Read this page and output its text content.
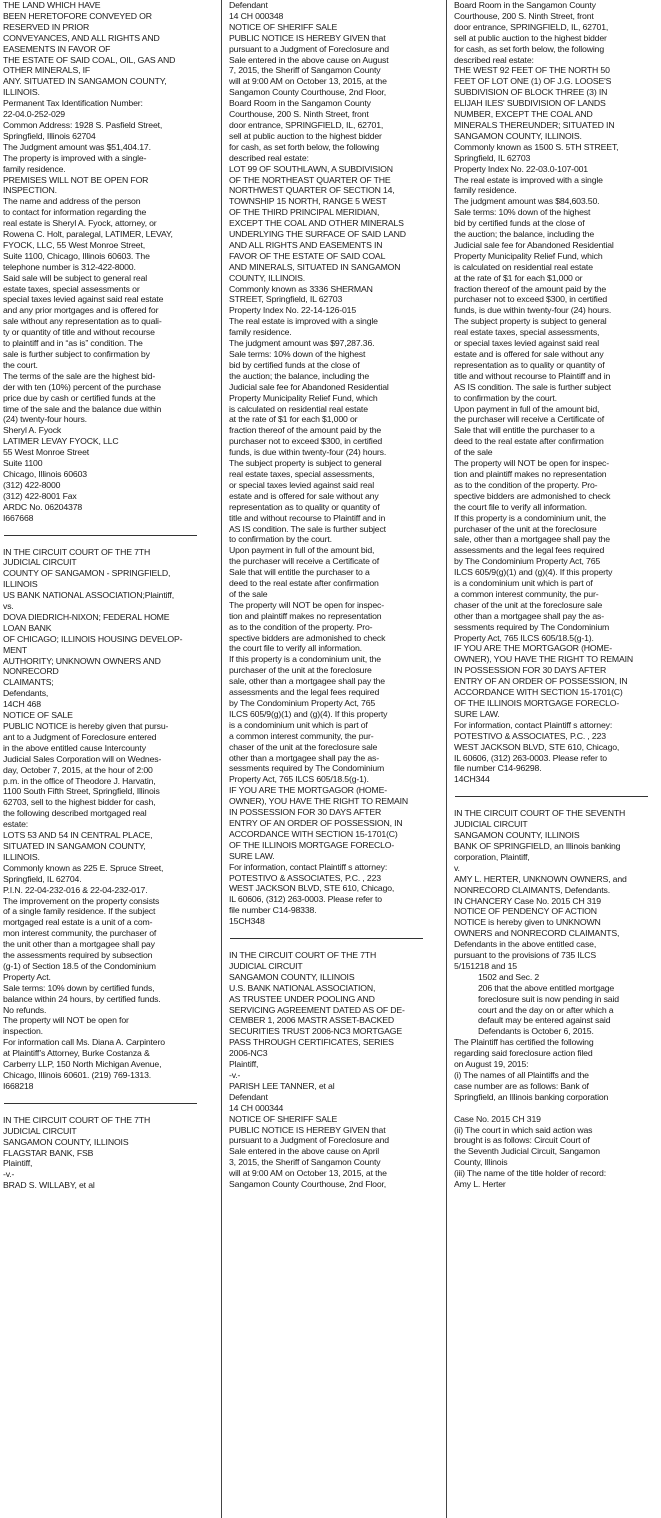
THE LAND WHICH HAVE
BEEN HERETOFORE CONVEYED OR
RESERVED IN PRIOR
CONVEYANCES, AND ALL RIGHTS AND
EASEMENTS IN FAVOR OF
THE ESTATE OF SAID COAL, OIL, GAS AND
OTHER MINERALS, IF
ANY. SITUATED IN SANGAMON COUNTY,
ILLINOIS.
Permanent Tax Identification Number:
22-04.0-252-029
Common Address: 1928 S. Pasfield Street,
Springfield, Illinois 62704
The Judgment amount was $51,404.17.
The property is improved with a single-
family residence.
PREMISES WILL NOT BE OPEN FOR
INSPECTION.
The name and address of the person
to contact for information regarding the
real estate is Sheryl A. Fyock, attorney, or
Rowena C. Holt, paralegal, LATIMER, LEVAY,
FYOCK, LLC, 55 West Monroe Street,
Suite 1100, Chicago, Illinois 60603. The
telephone number is 312-422-8000.
Said sale will be subject to general real
estate taxes, special assessments or
special taxes levied against said real estate
and any prior mortgages and is offered for
sale without any representation as to quali-
ty or quantity of title and without recourse
to plaintiff and in “as is” condition. The
sale is further subject to confirmation by
the court.
The terms of the sale are the highest bid-
der with ten (10%) percent of the purchase
price due by cash or certified funds at the
time of the sale and the balance due within
(24) twenty-four hours.
Sheryl A. Fyock
LATIMER LEVAY FYOCK, LLC
55 West Monroe Street
Suite 1100
Chicago, Illinois 60603
(312) 422-8000
(312) 422-8001 Fax
ARDC No. 06204378
I667668
IN THE CIRCUIT COURT OF THE 7TH
JUDICIAL CIRCUIT
COUNTY OF SANGAMON - SPRINGFIELD,
ILLINOIS
US BANK NATIONAL ASSOCIATION;Plaintiff,
vs.
DOVA DIEDRICH-NIXON; FEDERAL HOME
LOAN BANK
OF CHICAGO; ILLINOIS HOUSING DEVELOP-
MENT
AUTHORITY; UNKNOWN OWNERS AND
NONRECORD
CLAIMANTS;
Defendants,
14CH 468
NOTICE OF SALE
PUBLIC NOTICE is hereby given that pursu-
ant to a Judgment of Foreclosure entered
in the above entitled cause Intercounty
Judicial Sales Corporation will on Wednes-
day, October 7, 2015, at the hour of 2:00
p.m. in the office of Theodore J. Harvatin,
1100 South Fifth Street, Springfield, Illinois
62703, sell to the highest bidder for cash,
the following described mortgaged real
estate:
LOTS 53 AND 54 IN CENTRAL PLACE,
SITUATED IN SANGAMON COUNTY,
ILLINOIS.
Commonly known as 225 E. Spruce Street,
Springfield, IL 62704.
P.I.N. 22-04-232-016 & 22-04-232-017.
The improvement on the property consists
of a single family residence. If the subject
mortgaged real estate is a unit of a com-
mon interest community, the purchaser of
the unit other than a mortgagee shall pay
the assessments required by subsection
(g-1) of Section 18.5 of the Condominium
Property Act.
Sale terms: 10% down by certified funds,
balance within 24 hours, by certified funds.
No refunds.
The property will NOT be open for
inspection.
For information call Ms. Diana A. Carpintero
at Plaintiff’s Attorney, Burke Costanza &
Carberry LLP, 150 North Michigan Avenue,
Chicago, Illinois 60601. (219) 769-1313.
I668218
IN THE CIRCUIT COURT OF THE 7TH
JUDICIAL CIRCUIT
SANGAMON COUNTY, ILLINOIS
FLAGSTAR BANK, FSB
Plaintiff,
-v.-
BRAD S. WILLABY, et al
Defendant
14 CH 000348
NOTICE OF SHERIFF SALE
PUBLIC NOTICE IS HEREBY GIVEN that
pursuant to a Judgment of Foreclosure and
Sale entered in the above cause on August
7, 2015, the Sheriff of Sangamon County
will at 9:00 AM on October 13, 2015, at the
Sangamon County Courthouse, 2nd Floor,
Board Room in the Sangamon County
Courthouse, 200 S. Ninth Street, front
door entrance, SPRINGFIELD, IL, 62701,
sell at public auction to the highest bidder
for cash, as set forth below, the following
described real estate:
LOT 99 OF SOUTHLAWN, A SUBDIVISION
OF THE NORTHEAST QUARTER OF THE
NORTHWEST QUARTER OF SECTION 14,
TOWNSHIP 15 NORTH, RANGE 5 WEST
OF THE THIRD PRINCIPAL MERIDIAN,
EXCEPT THE COAL AND OTHER MINERALS
UNDERLYING THE SURFACE OF SAID LAND
AND ALL RIGHTS AND EASEMENTS IN
FAVOR OF THE ESTATE OF SAID COAL
AND MINERALS, SITUATED IN SANGAMON
COUNTY, ILLINOIS.
Commonly known as 3336 SHERMAN
STREET, Springfield, IL 62703
Property Index No. 22-14-126-015
The real estate is improved with a single
family residence.
The judgment amount was $97,287.36.
Sale terms: 10% down of the highest
bid by certified funds at the close of
the auction; the balance, including the
Judicial sale fee for Abandoned Residential
Property Municipality Relief Fund, which
is calculated on residential real estate
at the rate of $1 for each $1,000 or
fraction thereof of the amount paid by the
purchaser not to exceed $300, in certified
funds, is due within twenty-four (24) hours.
The subject property is subject to general
real estate taxes, special assessments,
or special taxes levied against said real
estate and is offered for sale without any
representation as to quality or quantity of
title and without recourse to Plaintiff and in
AS IS condition. The sale is further subject
to confirmation by the court.
Upon payment in full of the amount bid,
the purchaser will receive a Certificate of
Sale that will entitle the purchaser to a
deed to the real estate after confirmation
of the sale
The property will NOT be open for inspec-
tion and plaintiff makes no representation
as to the condition of the property. Pro-
spective bidders are admonished to check
the court file to verify all information.
If this property is a condominium unit, the
purchaser of the unit at the foreclosure
sale, other than a mortgagee shall pay the
assessments and the legal fees required
by The Condominium Property Act, 765
ILCS 605/9(g)(1) and (g)(4). If this property
is a condominium unit which is part of
a common interest community, the pur-
chaser of the unit at the foreclosure sale
other than a mortgagee shall pay the as-
sessments required by The Condominium
Property Act, 765 ILCS 605/18.5(g-1).
IF YOU ARE THE MORTGAGOR (HOME-
OWNER), YOU HAVE THE RIGHT TO REMAIN
IN POSSESSION FOR 30 DAYS AFTER
ENTRY OF AN ORDER OF POSSESSION, IN
ACCORDANCE WITH SECTION 15-1701(C)
OF THE ILLINOIS MORTGAGE FORECLO-
SURE LAW.
For information, contact Plaintiff s attorney:
POTESTIVO & ASSOCIATES, P.C. , 223
WEST JACKSON BLVD, STE 610, Chicago,
IL 60606, (312) 263-0003. Please refer to
file number C14-98338.
15CH348
IN THE CIRCUIT COURT OF THE 7TH
JUDICIAL CIRCUIT
SANGAMON COUNTY, ILLINOIS
U.S. BANK NATIONAL ASSOCIATION,
AS TRUSTEE UNDER POOLING AND
SERVICING AGREEMENT DATED AS OF DE-
CEMBER 1, 2006 MASTR ASSET-BACKED
SECURITIES TRUST 2006-NC3 MORTGAGE
PASS THROUGH CERTIFICATES, SERIES
2006-NC3
Plaintiff,
-v.-
PARISH LEE TANNER, et al
Defendant
14 CH 000344
NOTICE OF SHERIFF SALE
PUBLIC NOTICE IS HEREBY GIVEN that
pursuant to a Judgment of Foreclosure and
Sale entered in the above cause on April
3, 2015, the Sheriff of Sangamon County
will at 9:00 AM on October 13, 2015, at the
Sangamon County Courthouse, 2nd Floor,
Board Room in the Sangamon County
Courthouse, 200 S. Ninth Street, front
door entrance, SPRINGFIELD, IL, 62701,
sell at public auction to the highest bidder
for cash, as set forth below, the following
described real estate:
THE WEST 92 FEET OF THE NORTH 50
FEET OF LOT ONE (1) OF J.G. LOOSE'S
SUBDIVISION OF BLOCK THREE (3) IN
ELIJAH ILES' SUBDIVISION OF LANDS
NUMBER, EXCEPT THE COAL AND
MINERALS THEREUNDER; SITUATED IN
SANGAMON COUNTY, ILLINOIS.
Commonly known as 1500 S. 5TH STREET,
Springfield, IL 62703
Property Index No. 22-03.0-107-001
The real estate is improved with a single
family residence.
The judgment amount was $84,603.50.
Sale terms: 10% down of the highest
bid by certified funds at the close of
the auction; the balance, including the
Judicial sale fee for Abandoned Residential
Property Municipality Relief Fund, which
is calculated on residential real estate
at the rate of $1 for each $1,000 or
fraction thereof of the amount paid by the
purchaser not to exceed $300, in certified
funds, is due within twenty-four (24) hours.
The subject property is subject to general
real estate taxes, special assessments,
or special taxes levied against said real
estate and is offered for sale without any
representation as to quality or quantity of
title and without recourse to Plaintiff and in
AS IS condition. The sale is further subject
to confirmation by the court.
Upon payment in full of the amount bid,
the purchaser will receive a Certificate of
Sale that will entitle the purchaser to a
deed to the real estate after confirmation
of the sale
The property will NOT be open for inspec-
tion and plaintiff makes no representation
as to the condition of the property. Pro-
spective bidders are admonished to check
the court file to verify all information.
If this property is a condominium unit, the
purchaser of the unit at the foreclosure
sale, other than a mortgagee shall pay the
assessments and the legal fees required
by The Condominium Property Act, 765
ILCS 605/9(g)(1) and (g)(4). If this property
is a condominium unit which is part of
a common interest community, the pur-
chaser of the unit at the foreclosure sale
other than a mortgagee shall pay the as-
sessments required by The Condominium
Property Act, 765 ILCS 605/18.5(g-1).
IF YOU ARE THE MORTGAGOR (HOME-
OWNER), YOU HAVE THE RIGHT TO REMAIN
IN POSSESSION FOR 30 DAYS AFTER
ENTRY OF AN ORDER OF POSSESSION, IN
ACCORDANCE WITH SECTION 15-1701(C)
OF THE ILLINOIS MORTGAGE FORECLO-
SURE LAW.
For information, contact Plaintiff s attorney:
POTESTIVO & ASSOCIATES, P.C. , 223
WEST JACKSON BLVD, STE 610, Chicago,
IL 60606, (312) 263-0003. Please refer to
file number C14-96298.
14CH344
IN THE CIRCUIT COURT OF THE SEVENTH
JUDICIAL CIRCUIT
SANGAMON COUNTY, ILLINOIS
BANK OF SPRINGFIELD, an Illinois banking
corporation, Plaintiff,
v.
AMY L. HERTER, UNKNOWN OWNERS, and
NONRECORD CLAIMANTS, Defendants.
IN CHANCERY Case No. 2015 CH 319
NOTICE OF PENDENCY OF ACTION
NOTICE is hereby given to UNKNOWN
OWNERS and NONRECORD CLAIMANTS,
Defendants in the above entitled case,
pursuant to the provisions of 735 ILCS
5/151218 and 15
1502 and Sec. 2
206 that the above entitled mortgage
foreclosure suit is now pending in said
court and the day on or after which a
default may be entered against said
Defendants is October 6, 2015.
The Plaintiff has certified the following
regarding said foreclosure action filed
on August 19, 2015:
(i) The names of all Plaintiffs and the
case number are as follows: Bank of
Springfield, an Illinois banking corporation
Case No. 2015 CH 319
(ii) The court in which said action was
brought is as follows: Circuit Court of
the Seventh Judicial Circuit, Sangamon
County, Illinois
(iii) The name of the title holder of record:
Amy L. Herter
